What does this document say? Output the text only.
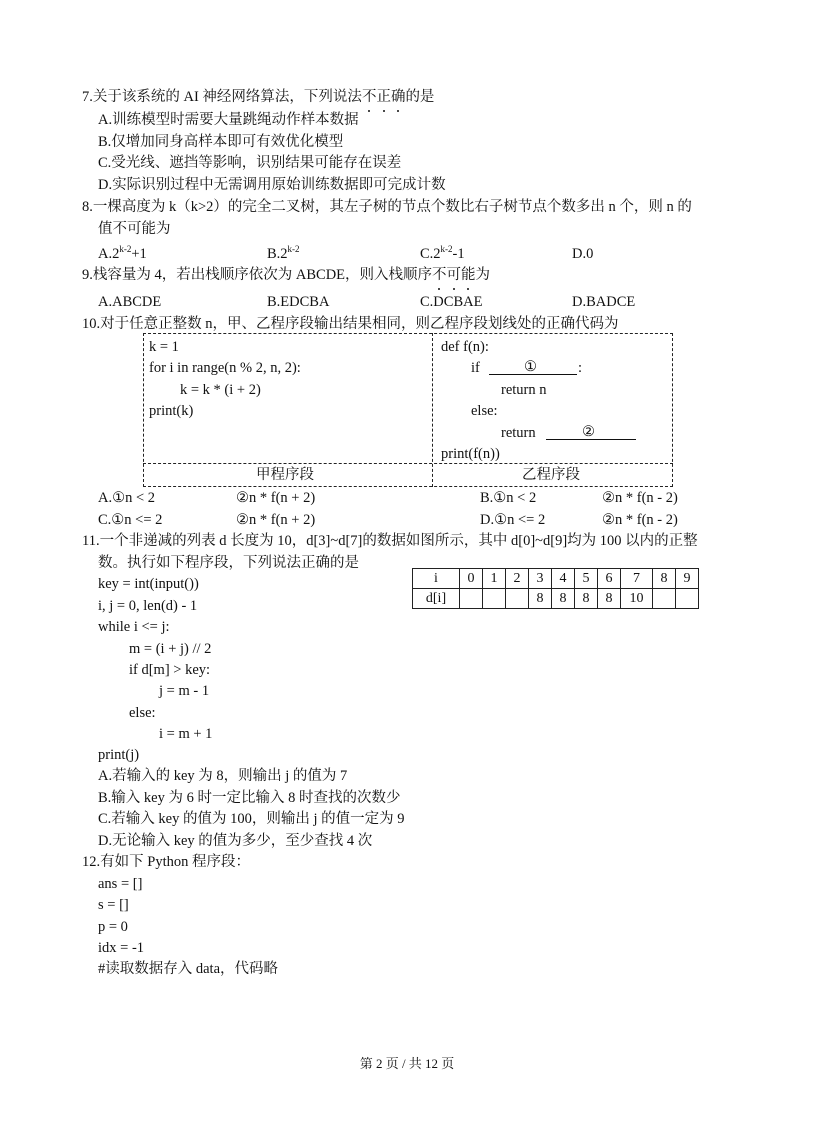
7.关于该系统的 AI 神经网络算法，下列说法不正确的是
A.训练模型时需要大量跳绳动作样本数据
B.仅增加同身高样本即可有效优化模型
C.受光线、遮挡等影响，识别结果可能存在误差
D.实际识别过程中无需调用原始训练数据即可完成计数
8.一棵高度为 k（k>2）的完全二叉树，其左子树的节点个数比右子树节点个数多出 n 个，则 n 的
值不可能为
$A.2^{k-2}+1$	B.2$^{k-2}$	C.2$^{k-2}$-1	D.0
9.栈容量为 4，若出栈顺序依次为 ABCDE，则入栈顺序不可能为
A.ABCDE	B.EDCBA	C.DCBAE	D.BADCE
10.对于任意正整数 n，甲、乙程序段输出结果相同，则乙程序段划线处的正确代码为
k = 1
for i in range(n % 2, n, 2):
k = k * (i + 2)
print(k)
def f(n):
if	①	:
return n
else:
return	②
print(f(n))
甲程序段	乙程序段
A.①n < 2	②n * f(n + 2)	B.①n < 2	②n * f(n - 2)
C.①n <= 2	②n * f(n + 2)	D.①n <= 2	②n * f(n - 2)
11.一个非递减的列表 d 长度为 10，d[3]~d[7]的数据如图所示，其中 d[0]~d[9]均为 100 以内的正整
数。执行如下程序段，下列说法正确的是
i	0	1	2	3	4	5	6	7	8	9
d[i]				8	8	8	8	10		
key = int(input())
i, j = 0, len(d) - 1
while i <= j:
m = (i + j) // 2
if d[m] > key:
j = m - 1
else:
i = m + 1
print(j)
A.若输入的 key 为 8，则输出 j 的值为 7
B.输入 key 为 6 时一定比输入 8 时查找的次数少
C.若输入 key 的值为 100，则输出 j 的值一定为 9
D.无论输入 key 的值为多少，至少查找 4 次
12.有如下 Python 程序段：
ans = []
s = []
p = 0
idx = -1
#读取数据存入 data，代码略
第 2 页 / 共 12 页
